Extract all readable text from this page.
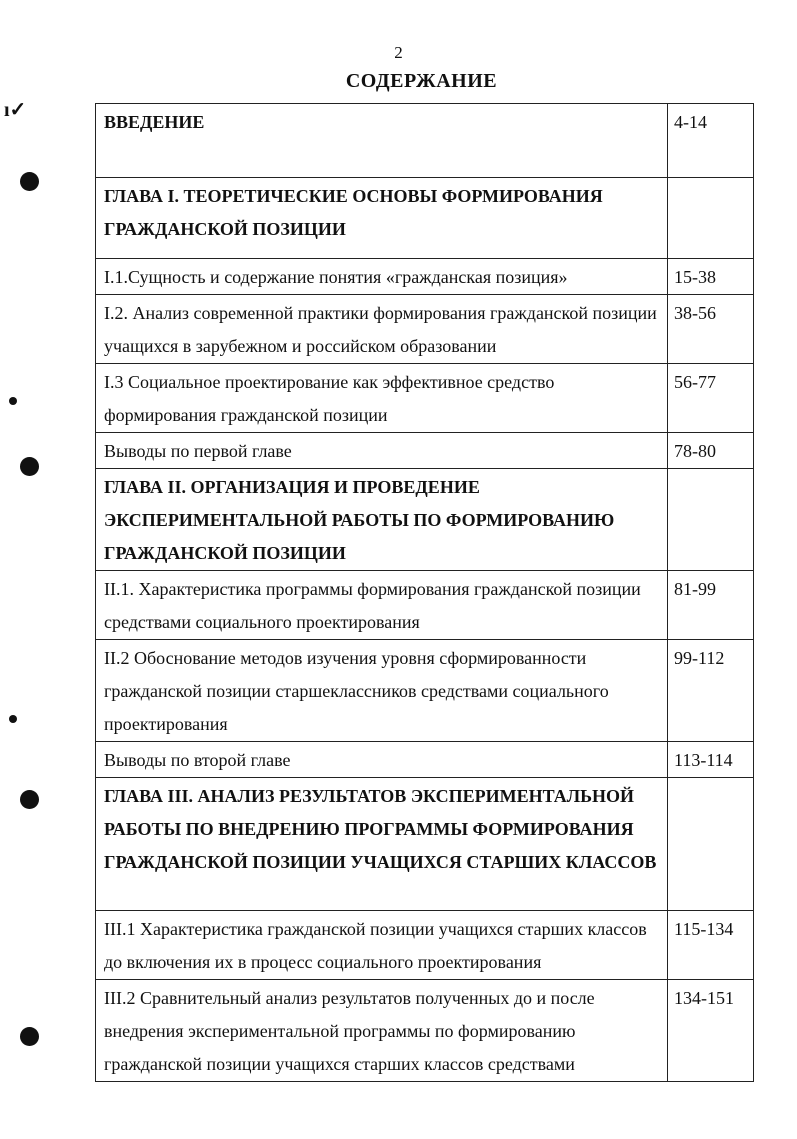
2
СОДЕРЖАНИЕ
ı✓
ВВЕДЕНИЕ	4-14
ГЛАВА I. ТЕОРЕТИЧЕСКИЕ ОСНОВЫ ФОРМИРОВАНИЯ ГРАЖДАНСКОЙ ПОЗИЦИИ	
I.1.Сущность и содержание понятия «гражданская позиция»	15-38
I.2. Анализ современной практики формирования гражданской позиции учащихся в зарубежном и российском образовании	38-56
I.3 Социальное проектирование как эффективное средство формирования гражданской позиции	56-77
Выводы по первой главе	78-80
ГЛАВА II. ОРГАНИЗАЦИЯ И ПРОВЕДЕНИЕ ЭКСПЕРИМЕНТАЛЬНОЙ РАБОТЫ ПО ФОРМИРОВАНИЮ ГРАЖДАНСКОЙ ПОЗИЦИИ	
II.1. Характеристика программы формирования гражданской позиции средствами социального проектирования	81-99
II.2 Обоснование методов изучения уровня сформированности гражданской позиции старшеклассников средствами социального проектирования	99-112
Выводы по второй главе	113-114
ГЛАВА III. АНАЛИЗ РЕЗУЛЬТАТОВ ЭКСПЕРИМЕНТАЛЬНОЙ РАБОТЫ ПО ВНЕДРЕНИЮ ПРОГРАММЫ ФОРМИРОВАНИЯ ГРАЖДАНСКОЙ ПОЗИЦИИ УЧАЩИХСЯ СТАРШИХ КЛАССОВ	
III.1 Характеристика гражданской позиции учащихся старших классов до включения их в процесс социального проектирования	115-134
III.2 Сравнительный анализ результатов полученных до и после внедрения экспериментальной программы по формированию гражданской позиции учащихся старших классов средствами	134-151
